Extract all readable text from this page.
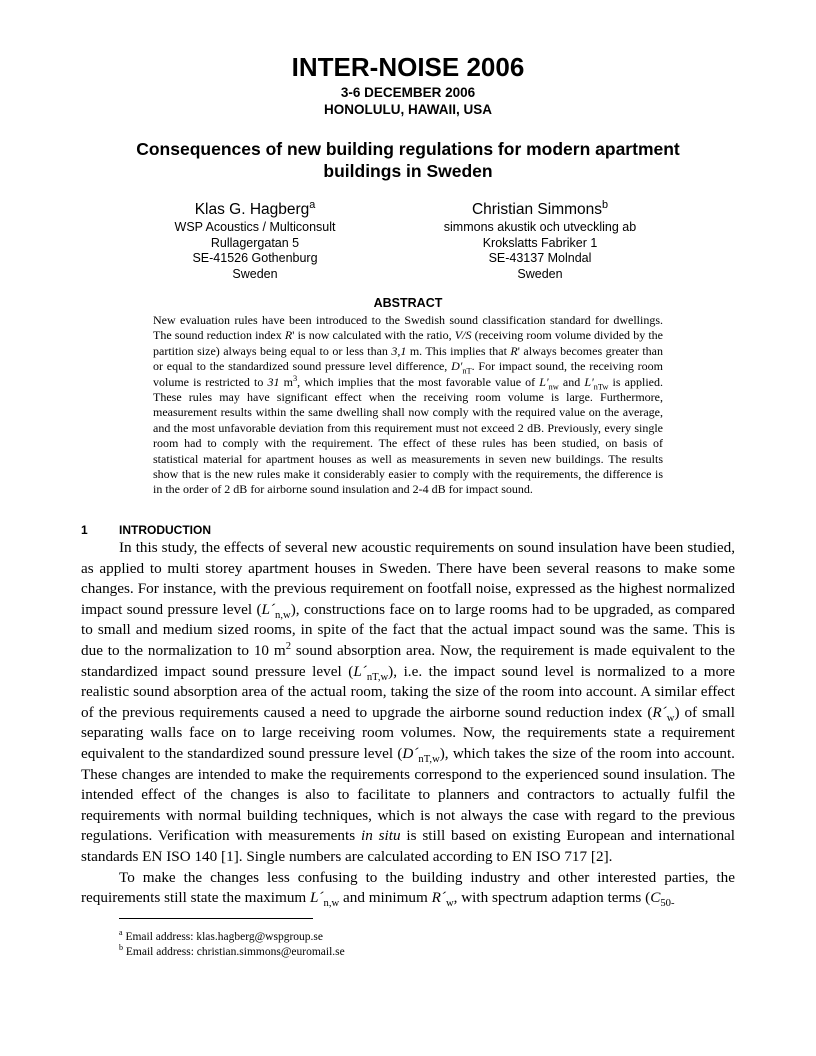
INTER-NOISE 2006
3-6 DECEMBER 2006
HONOLULU, HAWAII, USA
Consequences of new building regulations for modern apartment buildings in Sweden
Klas G. Hagberg$^a$
WSP Acoustics / Multiconsult
Rullagergatan 5
SE-41526 Gothenburg
Sweden
Christian Simmons$^b$
simmons akustik och utveckling ab
Krokslatts Fabriker 1
SE-43137 Molndal
Sweden
ABSTRACT
New evaluation rules have been introduced to the Swedish sound classification standard for dwellings. The sound reduction index R' is now calculated with the ratio, V/S (receiving room volume divided by the partition size) always being equal to or less than 3,1 m. This implies that R' always becomes greater than or equal to the standardized sound pressure level difference, $D'_{nT}$. For impact sound, the receiving room volume is restricted to 31 $m^3$, which implies that the most favorable value of $L'_{nw}$ and $L'_{nTw}$ is applied. These rules may have significant effect when the receiving room volume is large. Furthermore, measurement results within the same dwelling shall now comply with the required value on the average, and the most unfavorable deviation from this requirement must not exceed 2 dB. Previously, every single room had to comply with the requirement. The effect of these rules has been studied, on basis of statistical material for apartment houses as well as measurements in seven new buildings. The results show that is the new rules make it considerably easier to comply with the requirements, the difference is in the order of 2 dB for airborne sound insulation and 2-4 dB for impact sound.
1	INTRODUCTION

In this study, the effects of several new acoustic requirements on sound insulation have been studied, as applied to multi storey apartment houses in Sweden. There have been several reasons to make some changes. For instance, with the previous requirement on footfall noise, expressed as the highest normalized impact sound pressure level $(L´_{n,w})$, constructions face on to large rooms had to be upgraded, as compared to small and medium sized rooms, in spite of the fact that the actual impact sound was the same. This is due to the normalization to 10 $m^2$ sound absorption area. Now, the requirement is made equivalent to the standardized impact sound pressure level $(L´_{nT,w})$, i.e. the impact sound level is normalized to a more realistic sound absorption area of the actual room, taking the size of the room into account. A similar effect of the previous requirements caused a need to upgrade the airborne sound reduction index $(R´_w)$ of small separating walls face on to large receiving room volumes. Now, the requirements state a requirement equivalent to the standardized sound pressure level $(D´_{nT,w})$, which takes the size of the room into account. These changes are intended to make the requirements correspond to the experienced sound insulation. The intended effect of the changes is also to facilitate to planners and contractors to actually fulfil the requirements with normal building techniques, which is not always the case with regard to the previous regulations. Verification with measurements in situ is still based on existing European and international standards EN ISO 140 [1]. Single numbers are calculated according to EN ISO 717 [2].

To make the changes less confusing to the building industry and other interested parties, the requirements still state the maximum $L´_{n,w}$ and minimum $R´_w$, with spectrum adaption terms ($C_{50-}$

$^a$ Email address: klas.hagberg@wspgroup.se
$^b$ Email address: christian.simmons@euromail.se
